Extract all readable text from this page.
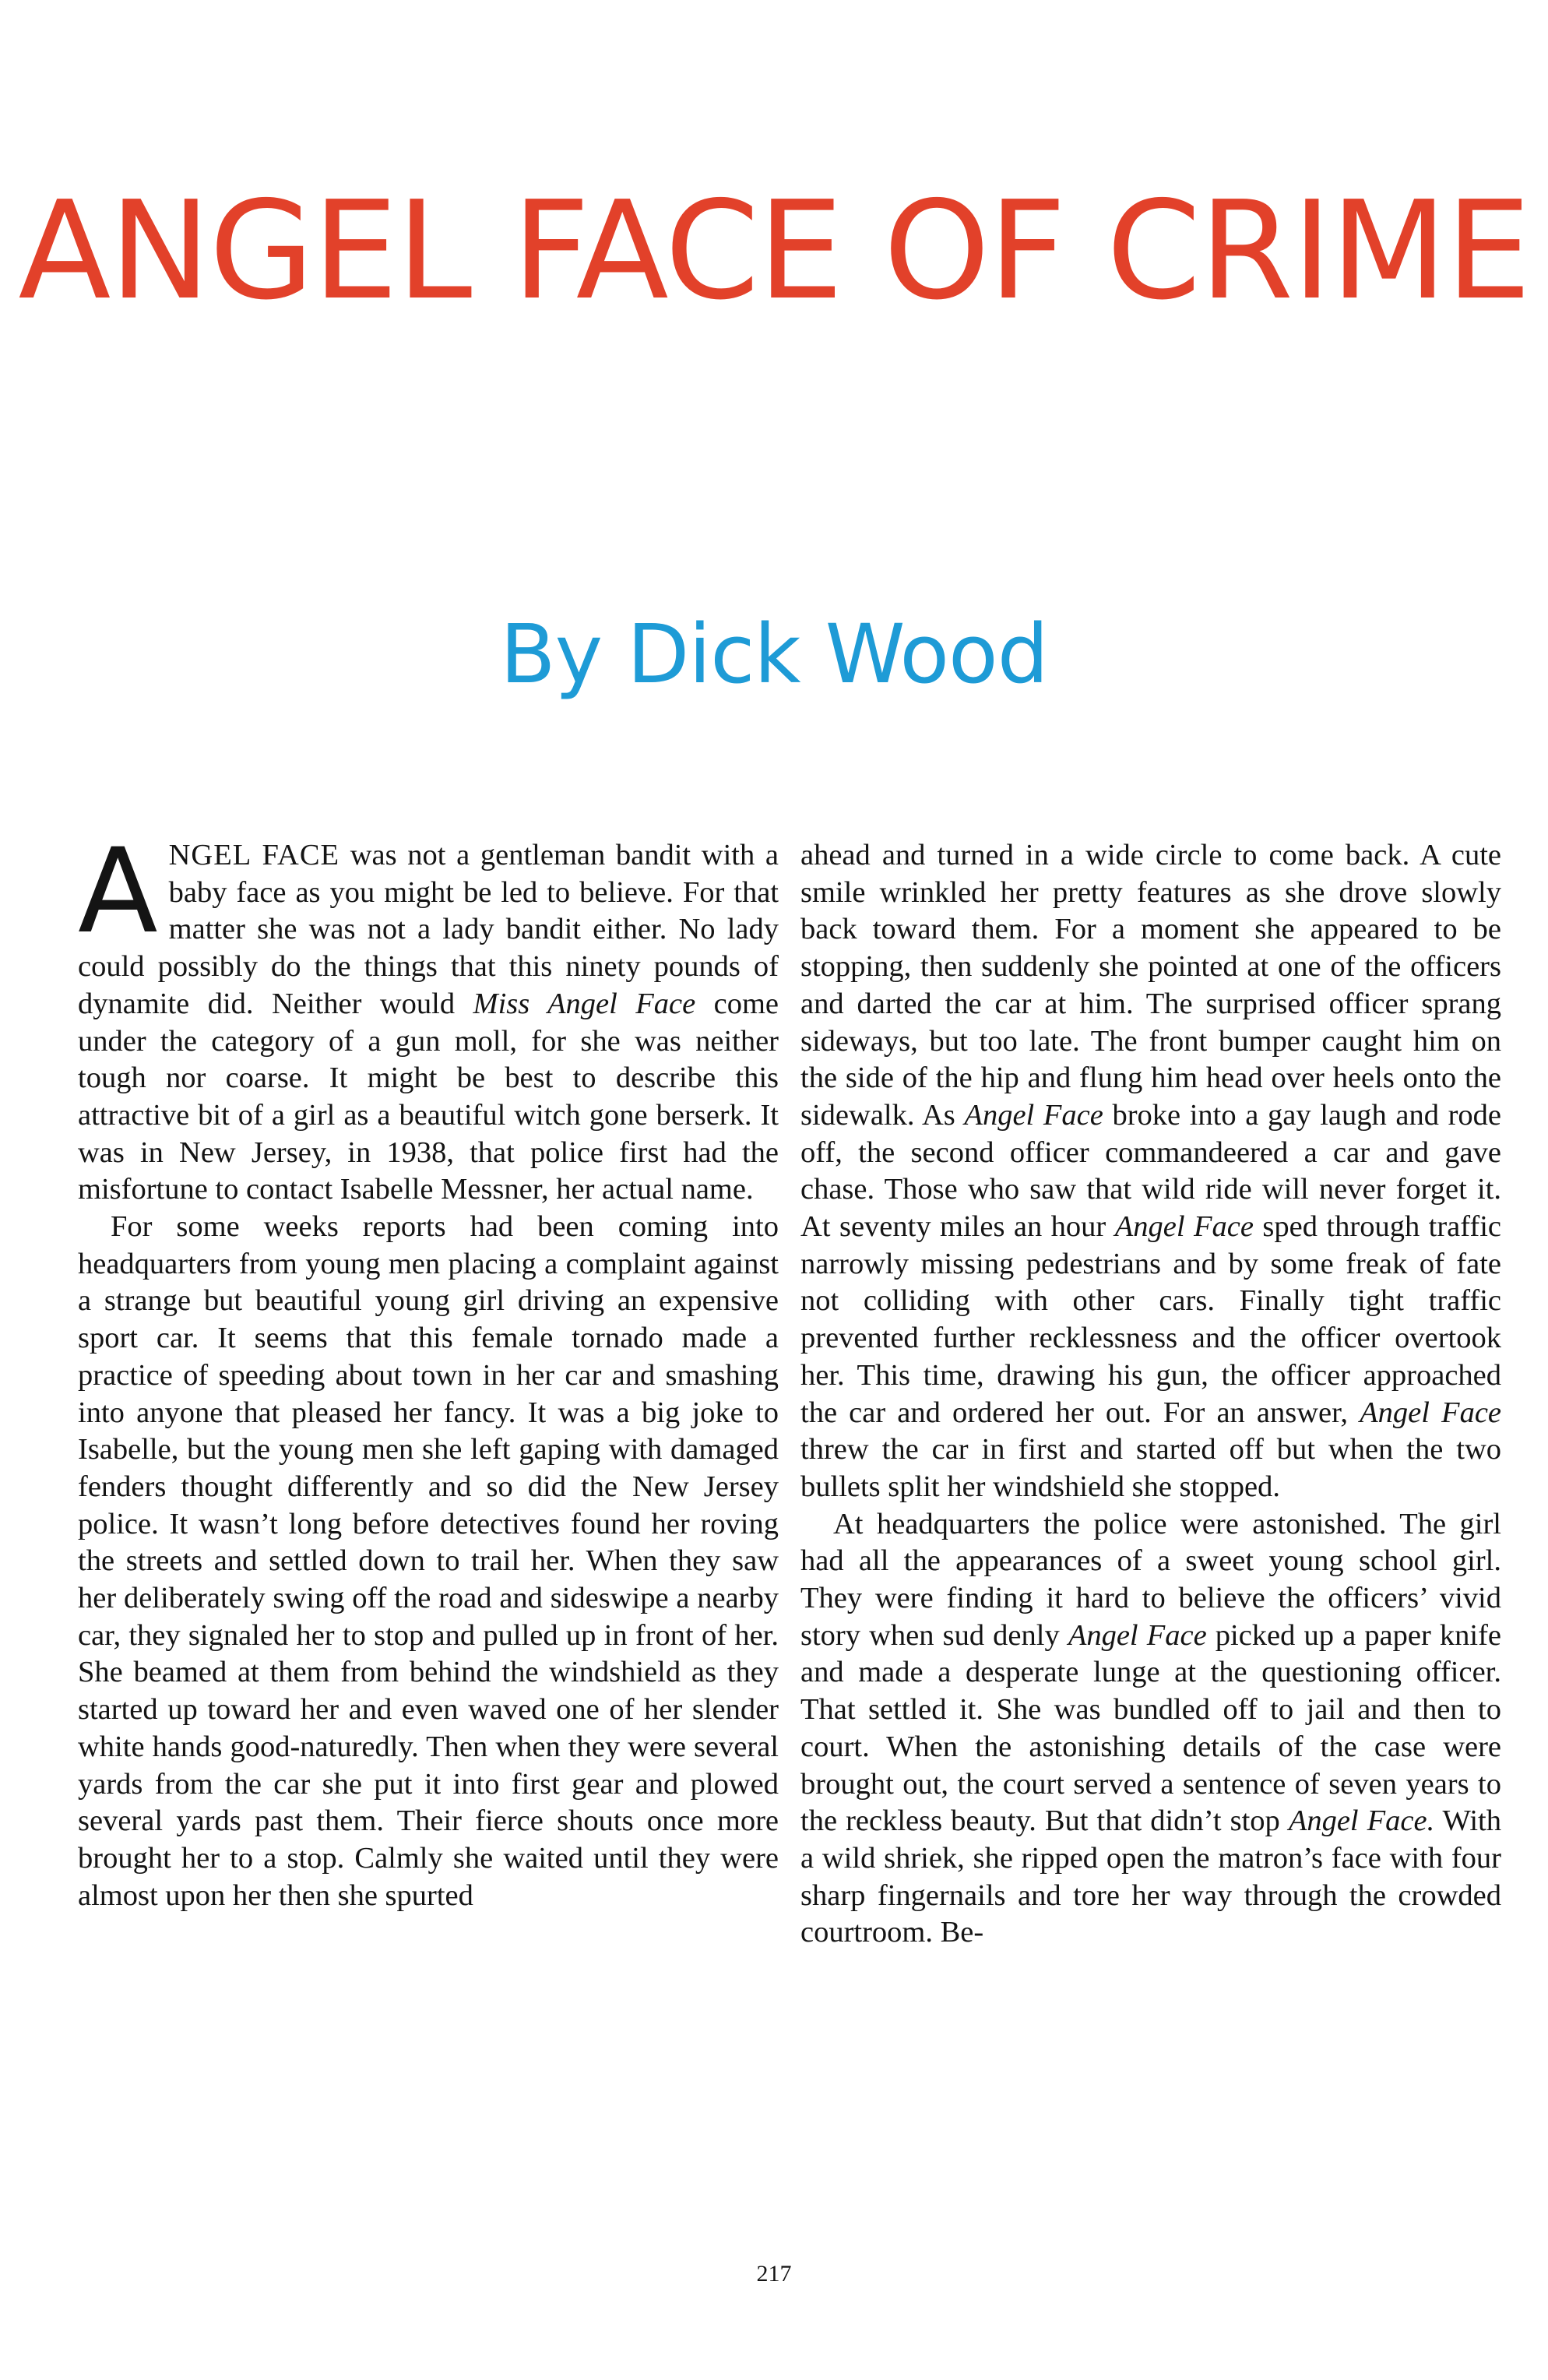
ANGEL FACE OF CRIME
By Dick Wood

ANGEL FACE was not a gentleman bandit with a baby face as you might be led to believe. For that matter she was not a lady bandit either. No lady could possibly do the things that this ninety pounds of dynamite did. Neither would Miss Angel Face come under the category of a gun moll, for she was neither tough nor coarse. It might be best to describe this attractive bit of a girl as a beautiful witch gone berserk. It was in New Jersey, in 1938, that police first had the misfortune to contact Isabelle Messner, her actual name.

For some weeks reports had been coming into headquarters from young men placing a complaint against a strange but beautiful young girl driving an expensive sport car. It seems that this female tornado made a practice of speeding about town in her car and smashing into anyone that pleased her fancy. It was a big joke to Isabelle, but the young men she left gaping with damaged fenders thought differently and so did the New Jersey police. It wasn’t long before detectives found her roving the streets and settled down to trail her. When they saw her deliberately swing off the road and sideswipe a nearby car, they signaled her to stop and pulled up in front of her. She beamed at them from behind the windshield as they started up toward her and even waved one of her slender white hands good-naturedly. Then when they were several yards from the car she put it into first gear and plowed several yards past them. Their fierce shouts once more brought her to a stop. Calmly she waited until they were almost upon her then she spurted

ahead and turned in a wide circle to come back. A cute smile wrinkled her pretty features as she drove slowly back toward them. For a moment she appeared to be stopping, then suddenly she pointed at one of the officers and darted the car at him. The surprised officer sprang sideways, but too late. The front bumper caught him on the side of the hip and flung him head over heels onto the sidewalk. As Angel Face broke into a gay laugh and rode off, the second officer commandeered a car and gave chase. Those who saw that wild ride will never forget it. At seventy miles an hour Angel Face sped through traffic narrowly missing pedestrians and by some freak of fate not colliding with other cars. Finally tight traffic prevented further recklessness and the officer overtook her. This time, drawing his gun, the officer approached the car and ordered her out. For an answer, Angel Face threw the car in first and started off but when the two bullets split her windshield she stopped.

At headquarters the police were astonished. The girl had all the appearances of a sweet young school girl. They were finding it hard to believe the officers’ vivid story when sud denly Angel Face picked up a paper knife and made a desperate lunge at the questioning officer. That settled it. She was bundled off to jail and then to court. When the astonishing details of the case were brought out, the court served a sentence of seven years to the reckless beauty. But that didn’t stop Angel Face. With a wild shriek, she ripped open the matron’s face with four sharp fingernails and tore her way through the crowded courtroom. Be-

217
